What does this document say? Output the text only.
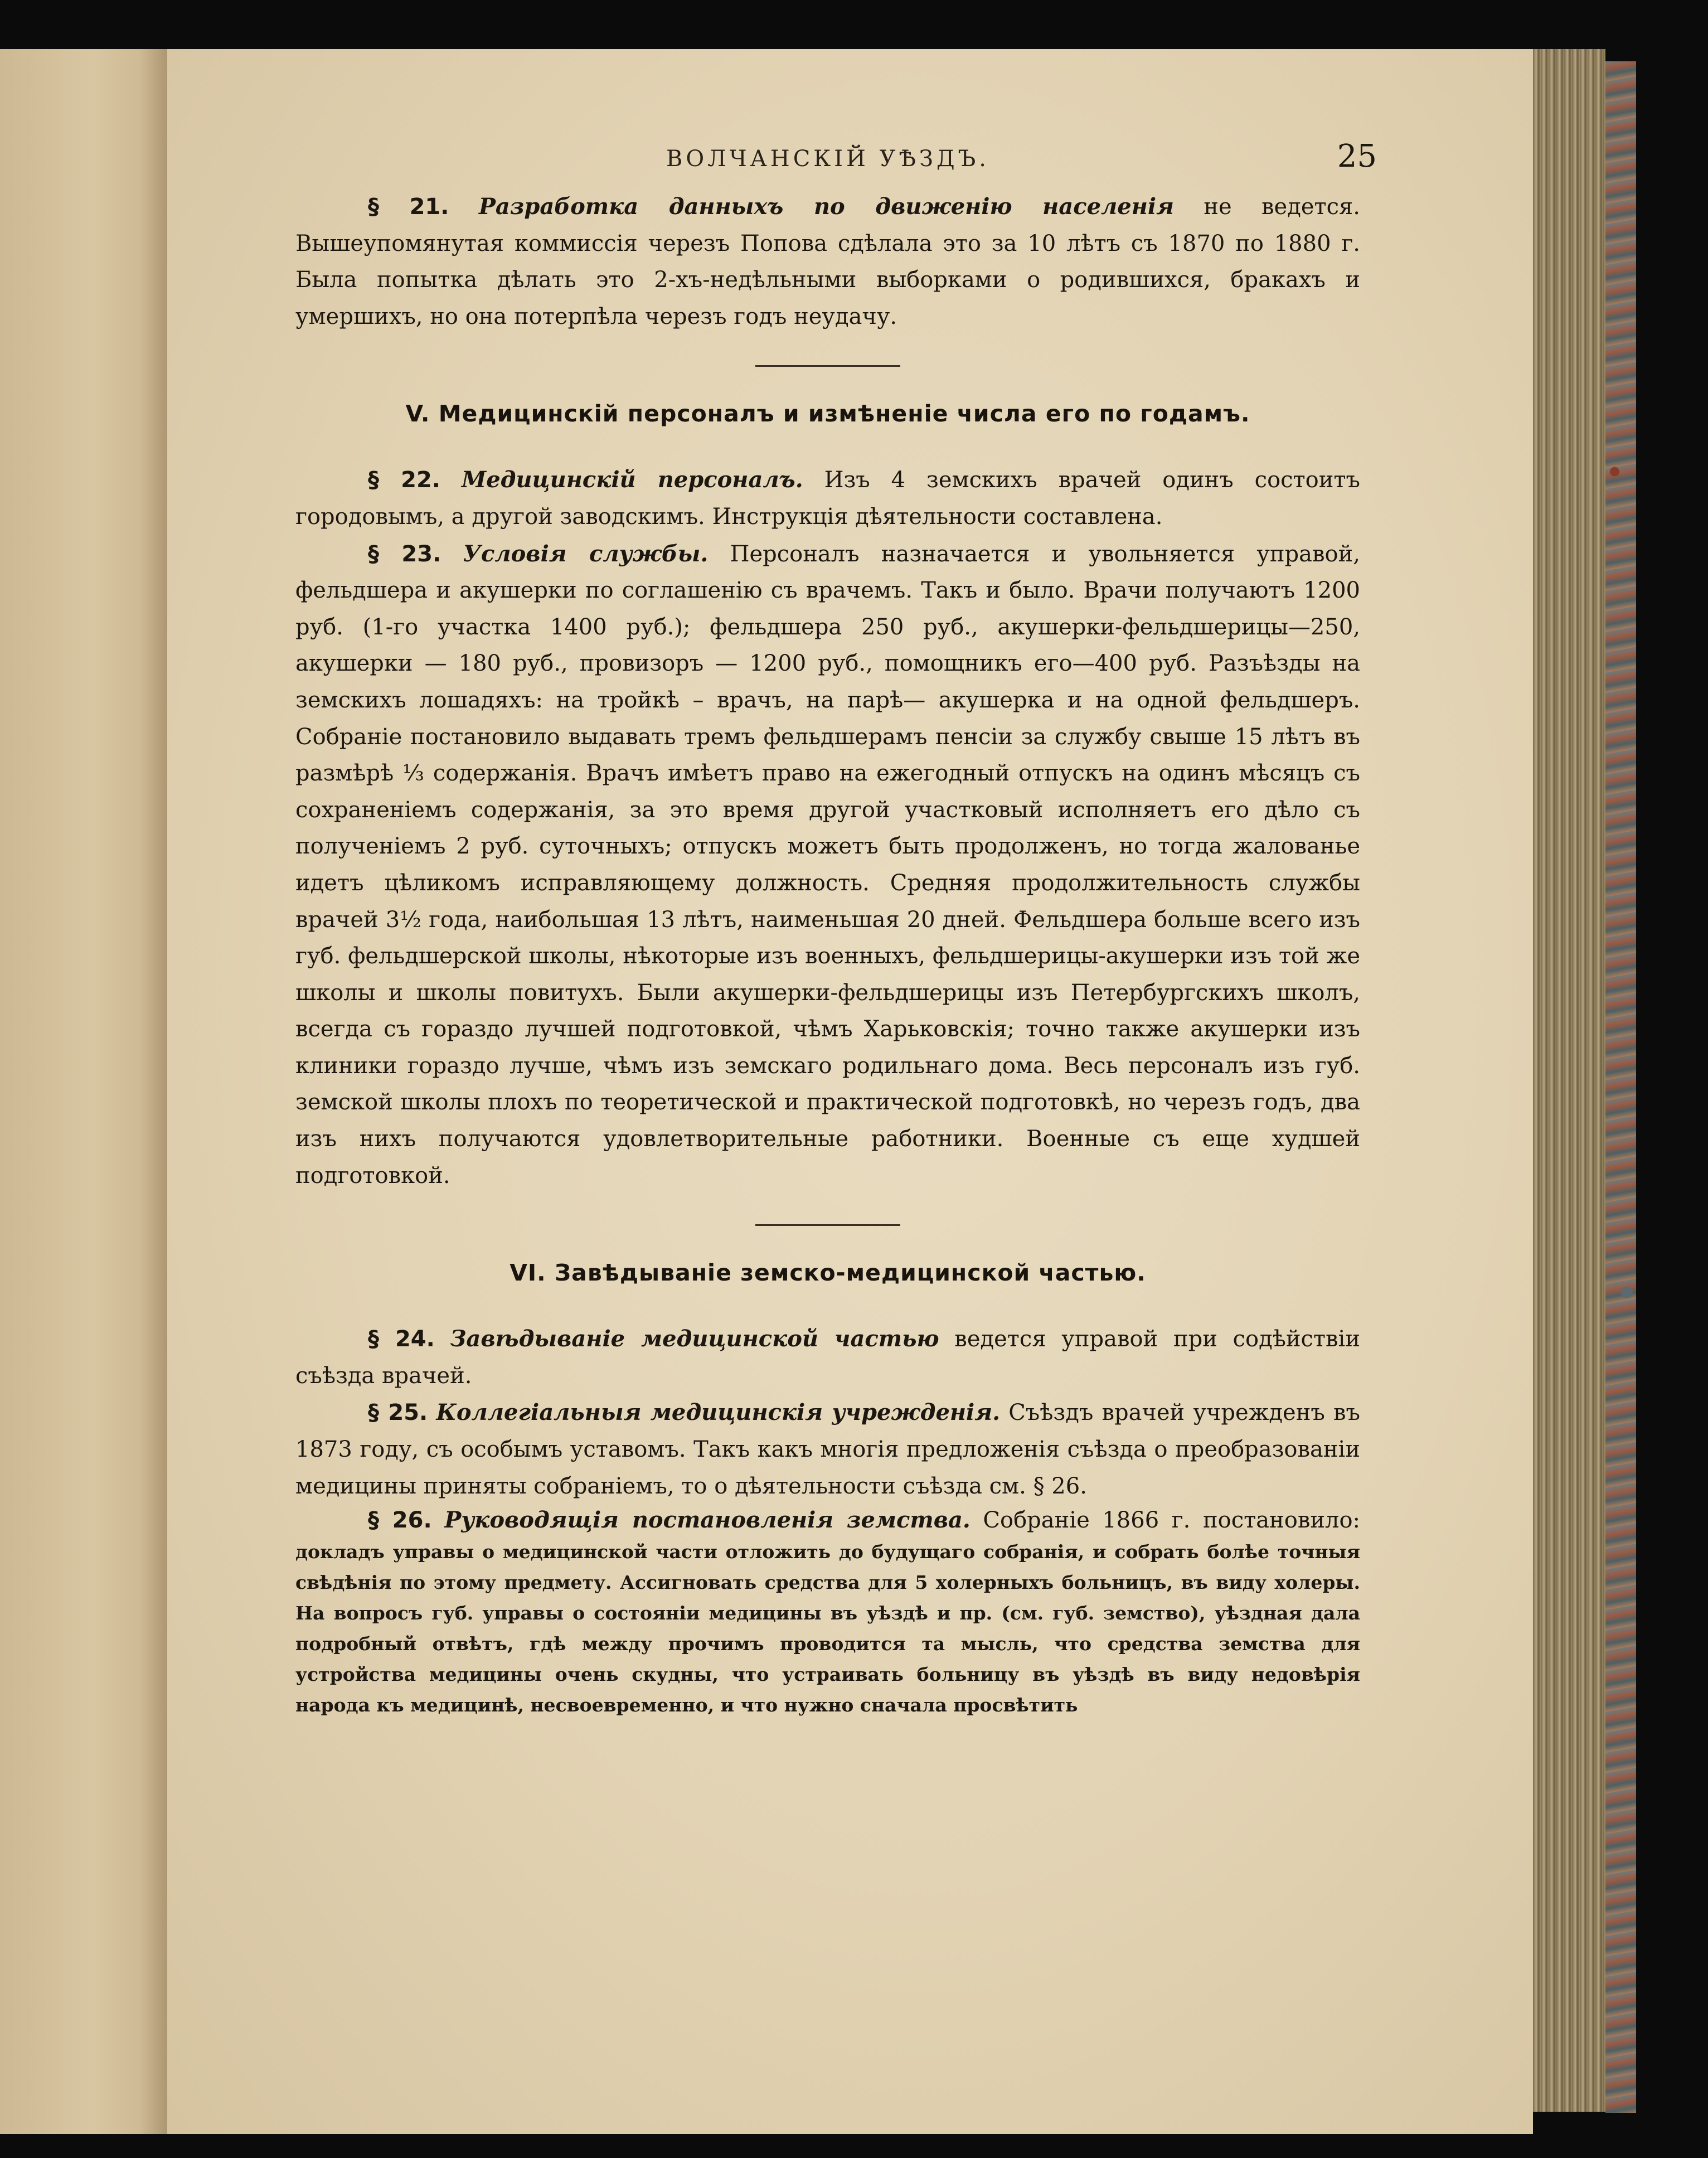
ВОЛЧАНСКІЙ УѢЗДЪ.	25

§ 21. Разработка данныхъ по движенію населенія не ведется. Вышеупомянутая коммиссія черезъ Попова сдѣлала это за 10 лѣтъ съ 1870 по 1880 г. Была попытка дѣлать это 2-хъ-недѣльными выборками о родившихся, бракахъ и умершихъ, но она потерпѣла черезъ годъ неудачу.

V. Медицинскій персоналъ и измѣненіе числа его по годамъ.

§ 22. Медицинскій персоналъ. Изъ 4 земскихъ врачей одинъ состоитъ городовымъ, а другой заводскимъ. Инструкція дѣятельности составлена.

§ 23. Условія службы. Персоналъ назначается и увольняется управой, фельдшера и акушерки по соглашенію съ врачемъ. Такъ и было. Врачи получаютъ 1200 руб. (1-го участка 1400 руб.); фельдшера 250 руб., акушерки-фельдшерицы—250, акушерки — 180 руб., провизоръ — 1200 руб., помощникъ его—400 руб. Разъѣзды на земскихъ лошадяхъ: на тройкѣ – врачъ, на парѣ— акушерка и на одной фельдшеръ. Собраніе постановило выдавать тремъ фельдшерамъ пенсіи за службу свыше 15 лѣтъ въ размѣрѣ ⅓ содержанія. Врачъ имѣетъ право на ежегодный отпускъ на одинъ мѣсяцъ съ сохраненіемъ содержанія, за это время другой участковый исполняетъ его дѣло съ полученіемъ 2 руб. суточныхъ; отпускъ можетъ быть продолженъ, но тогда жалованье идетъ цѣликомъ исправляющему должность. Средняя продолжительность службы врачей 3½ года, наибольшая 13 лѣтъ, наименьшая 20 дней. Фельдшера больше всего изъ губ. фельдшерской школы, нѣкоторые изъ военныхъ, фельдшерицы-акушерки изъ той же школы и школы повитухъ. Были акушерки-фельдшерицы изъ Петербургскихъ школъ, всегда съ гораздо лучшей подготовкой, чѣмъ Харьковскія; точно также акушерки изъ клиники гораздо лучше, чѣмъ изъ земскаго родильнаго дома. Весь персоналъ изъ губ. земской школы плохъ по теоретической и практической подготовкѣ, но черезъ годъ, два изъ нихъ получаются удовлетворительные работники. Военные съ еще худшей подготовкой.

VI. Завѣдываніе земско-медицинской частью.

§ 24. Завѣдываніе медицинской частью ведется управой при содѣйствіи съѣзда врачей.

§ 25. Коллегіальныя медицинскія учрежденія. Съѣздъ врачей учрежденъ въ 1873 году, съ особымъ уставомъ. Такъ какъ многія предложенія съѣзда о преобразованіи медицины приняты собраніемъ, то о дѣятельности съѣзда см. § 26.

§ 26. Руководящія постановленія земства. Собраніе 1866 г. постановило: докладъ управы о медицинской части отложить до будущаго собранія, и собрать болѣе точныя свѣдѣнія по этому предмету. Ассигновать средства для 5 холерныхъ больницъ, въ виду холеры. На вопросъ губ. управы о состояніи медицины въ уѣздѣ и пр. (см. губ. земство), уѣздная дала подробный отвѣтъ, гдѣ между прочимъ проводится та мысль, что средства земства для устройства медицины очень скудны, что устраивать больницу въ уѣздѣ въ виду недовѣрія народа къ медицинѣ, несвоевременно, и что нужно сначала просвѣтить
